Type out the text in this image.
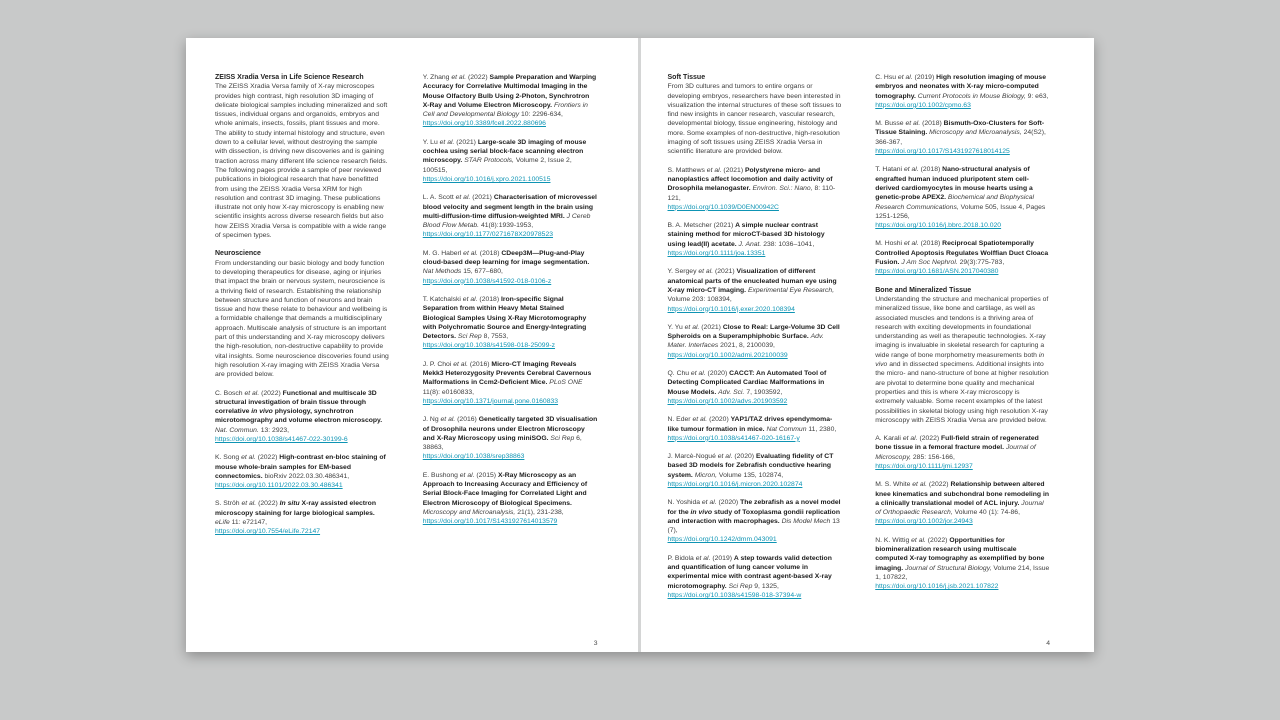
ZEISS Xradia Versa in Life Science Research

The ZEISS Xradia Versa family of X-ray microscopes provides high contrast, high resolution 3D imaging of delicate biological samples including mineralized and soft tissues, individual organs and organoids, embryos and whole animals, insects, fossils, plant tissues and more. The ability to study internal histology and structure, even down to a cellular level, without destroying the sample with dissection, is driving new discoveries and is gaining traction across many different life science research fields. The following pages provide a sample of peer reviewed publications in biological research that have benefitted from using the ZEISS Xradia Versa XRM for high resolution and contrast 3D imaging. These publications illustrate not only how X-ray microscopy is enabling new scientific insights across diverse research fields but also how ZEISS Xradia Versa is compatible with a wide range of specimen types.

Neuroscience

From understanding our basic biology and body function to developing therapeutics for disease, aging or injuries that impact the brain or nervous system, neuroscience is a thriving field of research. Establishing the relationship between structure and function of neurons and brain tissue and how these relate to behaviour and wellbeing is a formidable challenge that demands a multidisciplinary approach. Multiscale analysis of structure is an important part of this understanding and X-ray microscopy delivers the high-resolution, non-destructive capability to provide vital insights. Some neuroscience discoveries found using high resolution X-ray imaging with ZEISS Xradia Versa are provided below.

C. Bosch et al. (2022) Functional and multiscale 3D structural investigation of brain tissue through correlative in vivo physiology, synchrotron microtomography and volume electron microscopy. Nat. Commun. 13: 2923,
https://doi.org/10.1038/s41467-022-30199-6

K. Song et al. (2022) High-contrast en-bloc staining of mouse whole-brain samples for EM-based connectomics. bioRxiv 2022.03.30.486341,
https://doi.org/10.1101/2022.03.30.486341

S. Ströh et al. (2022) In situ X-ray assisted electron microscopy staining for large biological samples. eLife 11: e72147,
https://doi.org/10.7554/eLife.72147

Y. Zhang et al. (2022) Sample Preparation and Warping Accuracy for Correlative Multimodal Imaging in the Mouse Olfactory Bulb Using 2-Photon, Synchrotron X-Ray and Volume Electron Microscopy. Frontiers in Cell and Developmental Biology 10: 2296-634,
https://doi.org/10.3389/fcell.2022.880696

Y. Lu et al. (2021) Large-scale 3D imaging of mouse cochlea using serial block-face scanning electron microscopy. STAR Protocols, Volume 2, Issue 2, 100515,
https://doi.org/10.1016/j.xpro.2021.100515

L. A. Scott et al. (2021) Characterisation of microvessel blood velocity and segment length in the brain using multi-diffusion-time diffusion-weighted MRI. J Cereb Blood Flow Metab. 41(8):1939-1953,
https://doi.org/10.1177/0271678X20978523

M. G. Haberl et al. (2018) CDeep3M—Plug-and-Play cloud-based deep learning for image segmentation. Nat Methods 15, 677–680,
https://doi.org/10.1038/s41592-018-0106-z

T. Katchalski et al. (2018) Iron-specific Signal Separation from within Heavy Metal Stained Biological Samples Using X-Ray Microtomography with Polychromatic Source and Energy-Integrating Detectors. Sci Rep 8, 7553,
https://doi.org/10.1038/s41598-018-25099-z

J. P. Choi et al. (2016) Micro-CT Imaging Reveals Mekk3 Heterozygosity Prevents Cerebral Cavernous Malformations in Ccm2-Deficient Mice. PLoS ONE 11(8): e0160833,
https://doi.org/10.1371/journal.pone.0160833

J. Ng et al. (2016) Genetically targeted 3D visualisation of Drosophila neurons under Electron Microscopy and X-Ray Microscopy using miniSOG. Sci Rep 6, 38863,
https://doi.org/10.1038/srep38863

E. Bushong et al. (2015) X-Ray Microscopy as an Approach to Increasing Accuracy and Efficiency of Serial Block-Face Imaging for Correlated Light and Electron Microscopy of Biological Specimens. Microscopy and Microanalysis, 21(1), 231-238,
https://doi.org/10.1017/S1431927614013579

3
Soft Tissue

From 3D cultures and tumors to entire organs or developing embryos, researchers have been interested in visualization the internal structures of these soft tissues to find new insights in cancer research, vascular research, developmental biology, tissue engineering, histology and more. Some examples of non-destructive, high-resolution imaging of soft tissues using ZEISS Xradia Versa in scientific literature are provided below.

S. Matthews et al. (2021) Polystyrene micro- and nanoplastics affect locomotion and daily activity of Drosophila melanogaster. Environ. Sci.: Nano, 8: 110-121,
https://doi.org/10.1039/D0EN00942C

B. A. Metscher (2021) A simple nuclear contrast staining method for microCT-based 3D histology using lead(II) acetate. J. Anat. 238: 1036–1041,
https://doi.org/10.1111/joa.13351

Y. Sergey et al. (2021) Visualization of different anatomical parts of the enucleated human eye using X-ray micro-CT imaging. Experimental Eye Research, Volume 203: 108394,
https://doi.org/10.1016/j.exer.2020.108394

Y. Yu et al. (2021) Close to Real: Large-Volume 3D Cell Spheroids on a Superamphiphobic Surface. Adv. Mater. Interfaces 2021, 8, 2100039,
https://doi.org/10.1002/admi.202100039

Q. Chu et al. (2020) CACCT: An Automated Tool of Detecting Complicated Cardiac Malformations in Mouse Models. Adv. Sci. 7, 1903592,
https://doi.org/10.1002/advs.201903592

N. Eder et al. (2020) YAP1/TAZ drives ependymoma-like tumour formation in mice. Nat Commun 11, 2380,
https://doi.org/10.1038/s41467-020-16167-y

J. Marcè-Nogué et al. (2020) Evaluating fidelity of CT based 3D models for Zebrafish conductive hearing system. Micron, Volume 135, 102874,
https://doi.org/10.1016/j.micron.2020.102874

N. Yoshida et al. (2020) The zebrafish as a novel model for the in vivo study of Toxoplasma gondii replication and interaction with macrophages. Dis Model Mech 13 (7),
https://doi.org/10.1242/dmm.043091

P. Bidola et al. (2019) A step towards valid detection and quantification of lung cancer volume in experimental mice with contrast agent-based X-ray microtomography. Sci Rep 9, 1325,
https://doi.org/10.1038/s41598-018-37394-w

C. Hsu et al. (2019) High resolution imaging of mouse embryos and neonates with X-ray micro-computed tomography. Current Protocols in Mouse Biology, 9: e63,
https://doi.org/10.1002/cpmo.63

M. Busse et al. (2018) Bismuth-Oxo-Clusters for Soft-Tissue Staining. Microscopy and Microanalysis, 24(S2), 366-367,
https://doi.org/10.1017/S1431927618014125

T. Hatani et al. (2018) Nano-structural analysis of engrafted human induced pluripotent stem cell-derived cardiomyocytes in mouse hearts using a genetic-probe APEX2. Biochemical and Biophysical Research Communications, Volume 505, Issue 4, Pages 1251-1256,
https://doi.org/10.1016/j.bbrc.2018.10.020

M. Hoshi et al. (2018) Reciprocal Spatiotemporally Controlled Apoptosis Regulates Wolffian Duct Cloaca Fusion. J Am Soc Nephrol. 29(3):775-783,
https://doi.org/10.1681/ASN.2017040380

Bone and Mineralized Tissue

Understanding the structure and mechanical properties of mineralized tissue, like bone and cartilage, as well as associated muscles and tendons is a thriving area of research with exciting developments in foundational understanding as well as therapeutic technologies. X-ray imaging is invaluable in skeletal research for capturing a wide range of bone morphometry measurements both in vivo and in dissected specimens. Additional insights into the micro- and nano-structure of bone at higher resolution are pivotal to determine bone quality and mechanical properties and this is where X-ray microscopy is extremely valuable. Some recent examples of the latest possibilities in skeletal biology using high resolution X-ray microscopy with ZEISS Xradia Versa are provided below.

A. Karali et al. (2022) Full-field strain of regenerated bone tissue in a femoral fracture model. Journal of Microscopy, 285: 156-166,
https://doi.org/10.1111/jmi.12937

M. S. White et al. (2022) Relationship between altered knee kinematics and subchondral bone remodeling in a clinically translational model of ACL injury. Journal of Orthopaedic Research, Volume 40 (1): 74-86,
https://doi.org/10.1002/jor.24943

N. K. Wittig et al. (2022) Opportunities for biomineralization research using multiscale computed X-ray tomography as exemplified by bone imaging. Journal of Structural Biology, Volume 214, Issue 1, 107822,
https://doi.org/10.1016/j.jsb.2021.107822

4
